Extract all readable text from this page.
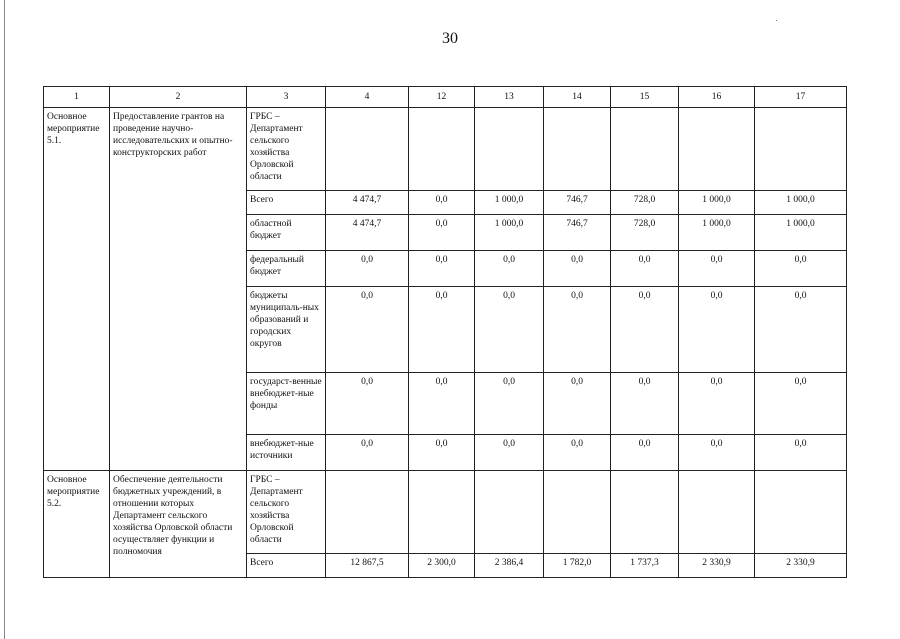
30
1	2	3	4	12	13	14	15	16	17
Основное мероприятие 5.1.	Предоставление грантов на проведение научно-исследовательских и опытно-конструкторских работ	ГРБС – Департамент сельского хозяйства Орловской области							
		Всего	4 474,7	0,0	1 000,0	746,7	728,0	1 000,0	1 000,0
		областной бюджет	4 474,7	0,0	1 000,0	746,7	728,0	1 000,0	1 000,0
		федеральный бюджет	0,0	0,0	0,0	0,0	0,0	0,0	0,0
		бюджеты муниципаль-ных образований и городских округов	0,0	0,0	0,0	0,0	0,0	0,0	0,0
		государст-венные внебюджет-ные фонды	0,0	0,0	0,0	0,0	0,0	0,0	0,0
		внебюджет-ные источники	0,0	0,0	0,0	0,0	0,0	0,0	0,0
Основное мероприятие 5.2.	Обеспечение деятельности бюджетных учреждений, в отношении которых Департамент сельского хозяйства Орловской области осуществляет функции и полномочия	ГРБС – Департамент сельского хозяйства Орловской области							
		Всего	12 867,5	2 300,0	2 386,4	1 782,0	1 737,3	2 330,9	2 330,9
